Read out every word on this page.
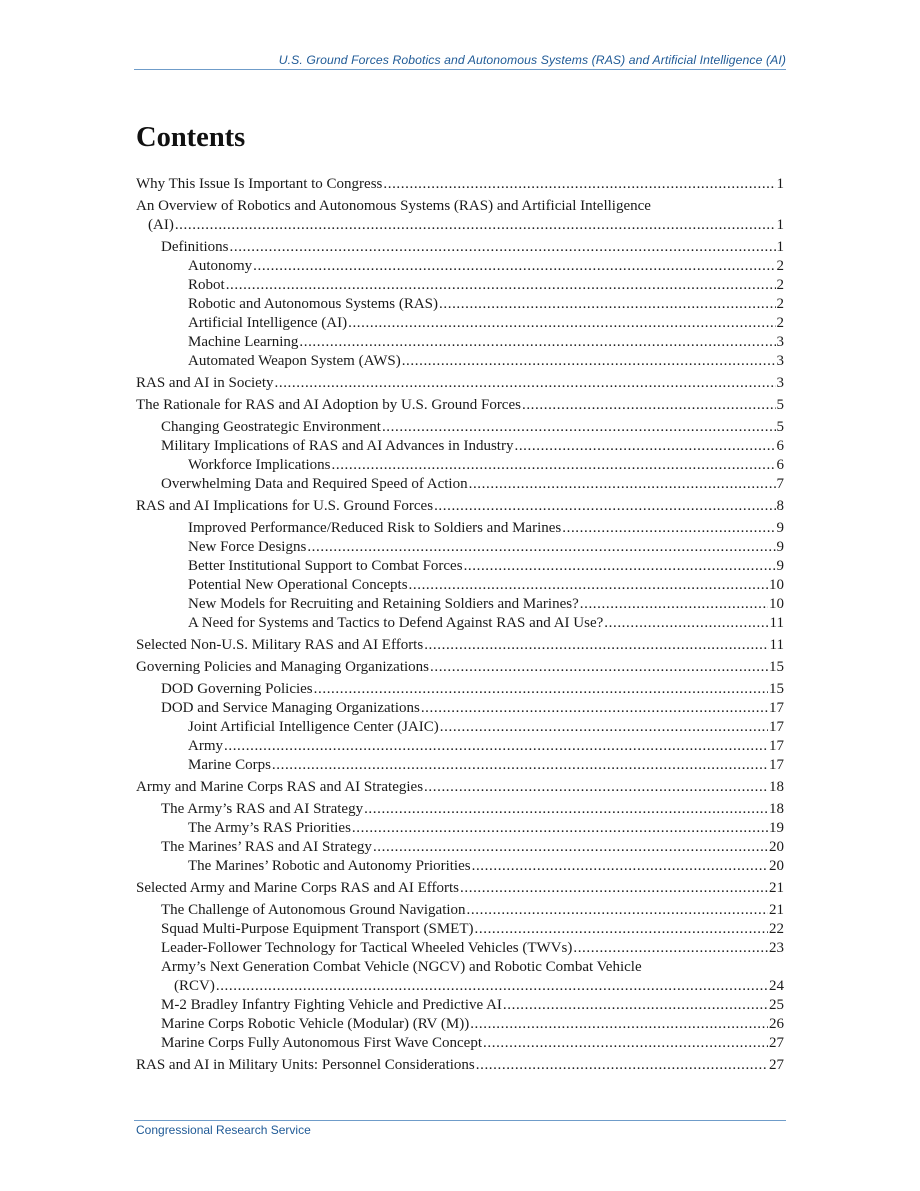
U.S. Ground Forces Robotics and Autonomous Systems (RAS) and Artificial Intelligence (AI)
Contents
Why This Issue Is Important to Congress .....	1
An Overview of Robotics and Autonomous Systems (RAS) and Artificial Intelligence
(AI) .....	1
Definitions .....	1
Autonomy .....	2
Robot .....	2
Robotic and Autonomous Systems (RAS) .....	2
Artificial Intelligence (AI) .....	2
Machine Learning .....	3
Automated Weapon System (AWS) .....	3
RAS and AI in Society .....	3
The Rationale for RAS and AI Adoption by U.S. Ground Forces .....	5
Changing Geostrategic Environment .....	5
Military Implications of RAS and AI Advances in Industry .....	6
Workforce Implications .....	6
Overwhelming Data and Required Speed of Action .....	7
RAS and AI Implications for U.S. Ground Forces .....	8
Improved Performance/Reduced Risk to Soldiers and Marines .....	9
New Force Designs .....	9
Better Institutional Support to Combat Forces .....	9
Potential New Operational Concepts .....	10
New Models for Recruiting and Retaining Soldiers and Marines? .....	10
A Need for Systems and Tactics to Defend Against RAS and AI Use? .....	11
Selected Non-U.S. Military RAS and AI Efforts .....	11
Governing Policies and Managing Organizations .....	15
DOD Governing Policies .....	15
DOD and Service Managing Organizations .....	17
Joint Artificial Intelligence Center (JAIC) .....	17
Army .....	17
Marine Corps .....	17
Army and Marine Corps RAS and AI Strategies .....	18
The Army’s RAS and AI Strategy .....	18
The Army’s RAS Priorities .....	19
The Marines’ RAS and AI Strategy .....	20
The Marines’ Robotic and Autonomy Priorities .....	20
Selected Army and Marine Corps RAS and AI Efforts .....	21
The Challenge of Autonomous Ground Navigation .....	21
Squad Multi-Purpose Equipment Transport (SMET) .....	22
Leader-Follower Technology for Tactical Wheeled Vehicles (TWVs) .....	23
Army’s Next Generation Combat Vehicle (NGCV) and Robotic Combat Vehicle
(RCV) .....	24
M-2 Bradley Infantry Fighting Vehicle and Predictive AI .....	25
Marine Corps Robotic Vehicle (Modular) (RV (M)) .....	26
Marine Corps Fully Autonomous First Wave Concept .....	27
RAS and AI in Military Units: Personnel Considerations .....	27
Congressional Research Service
